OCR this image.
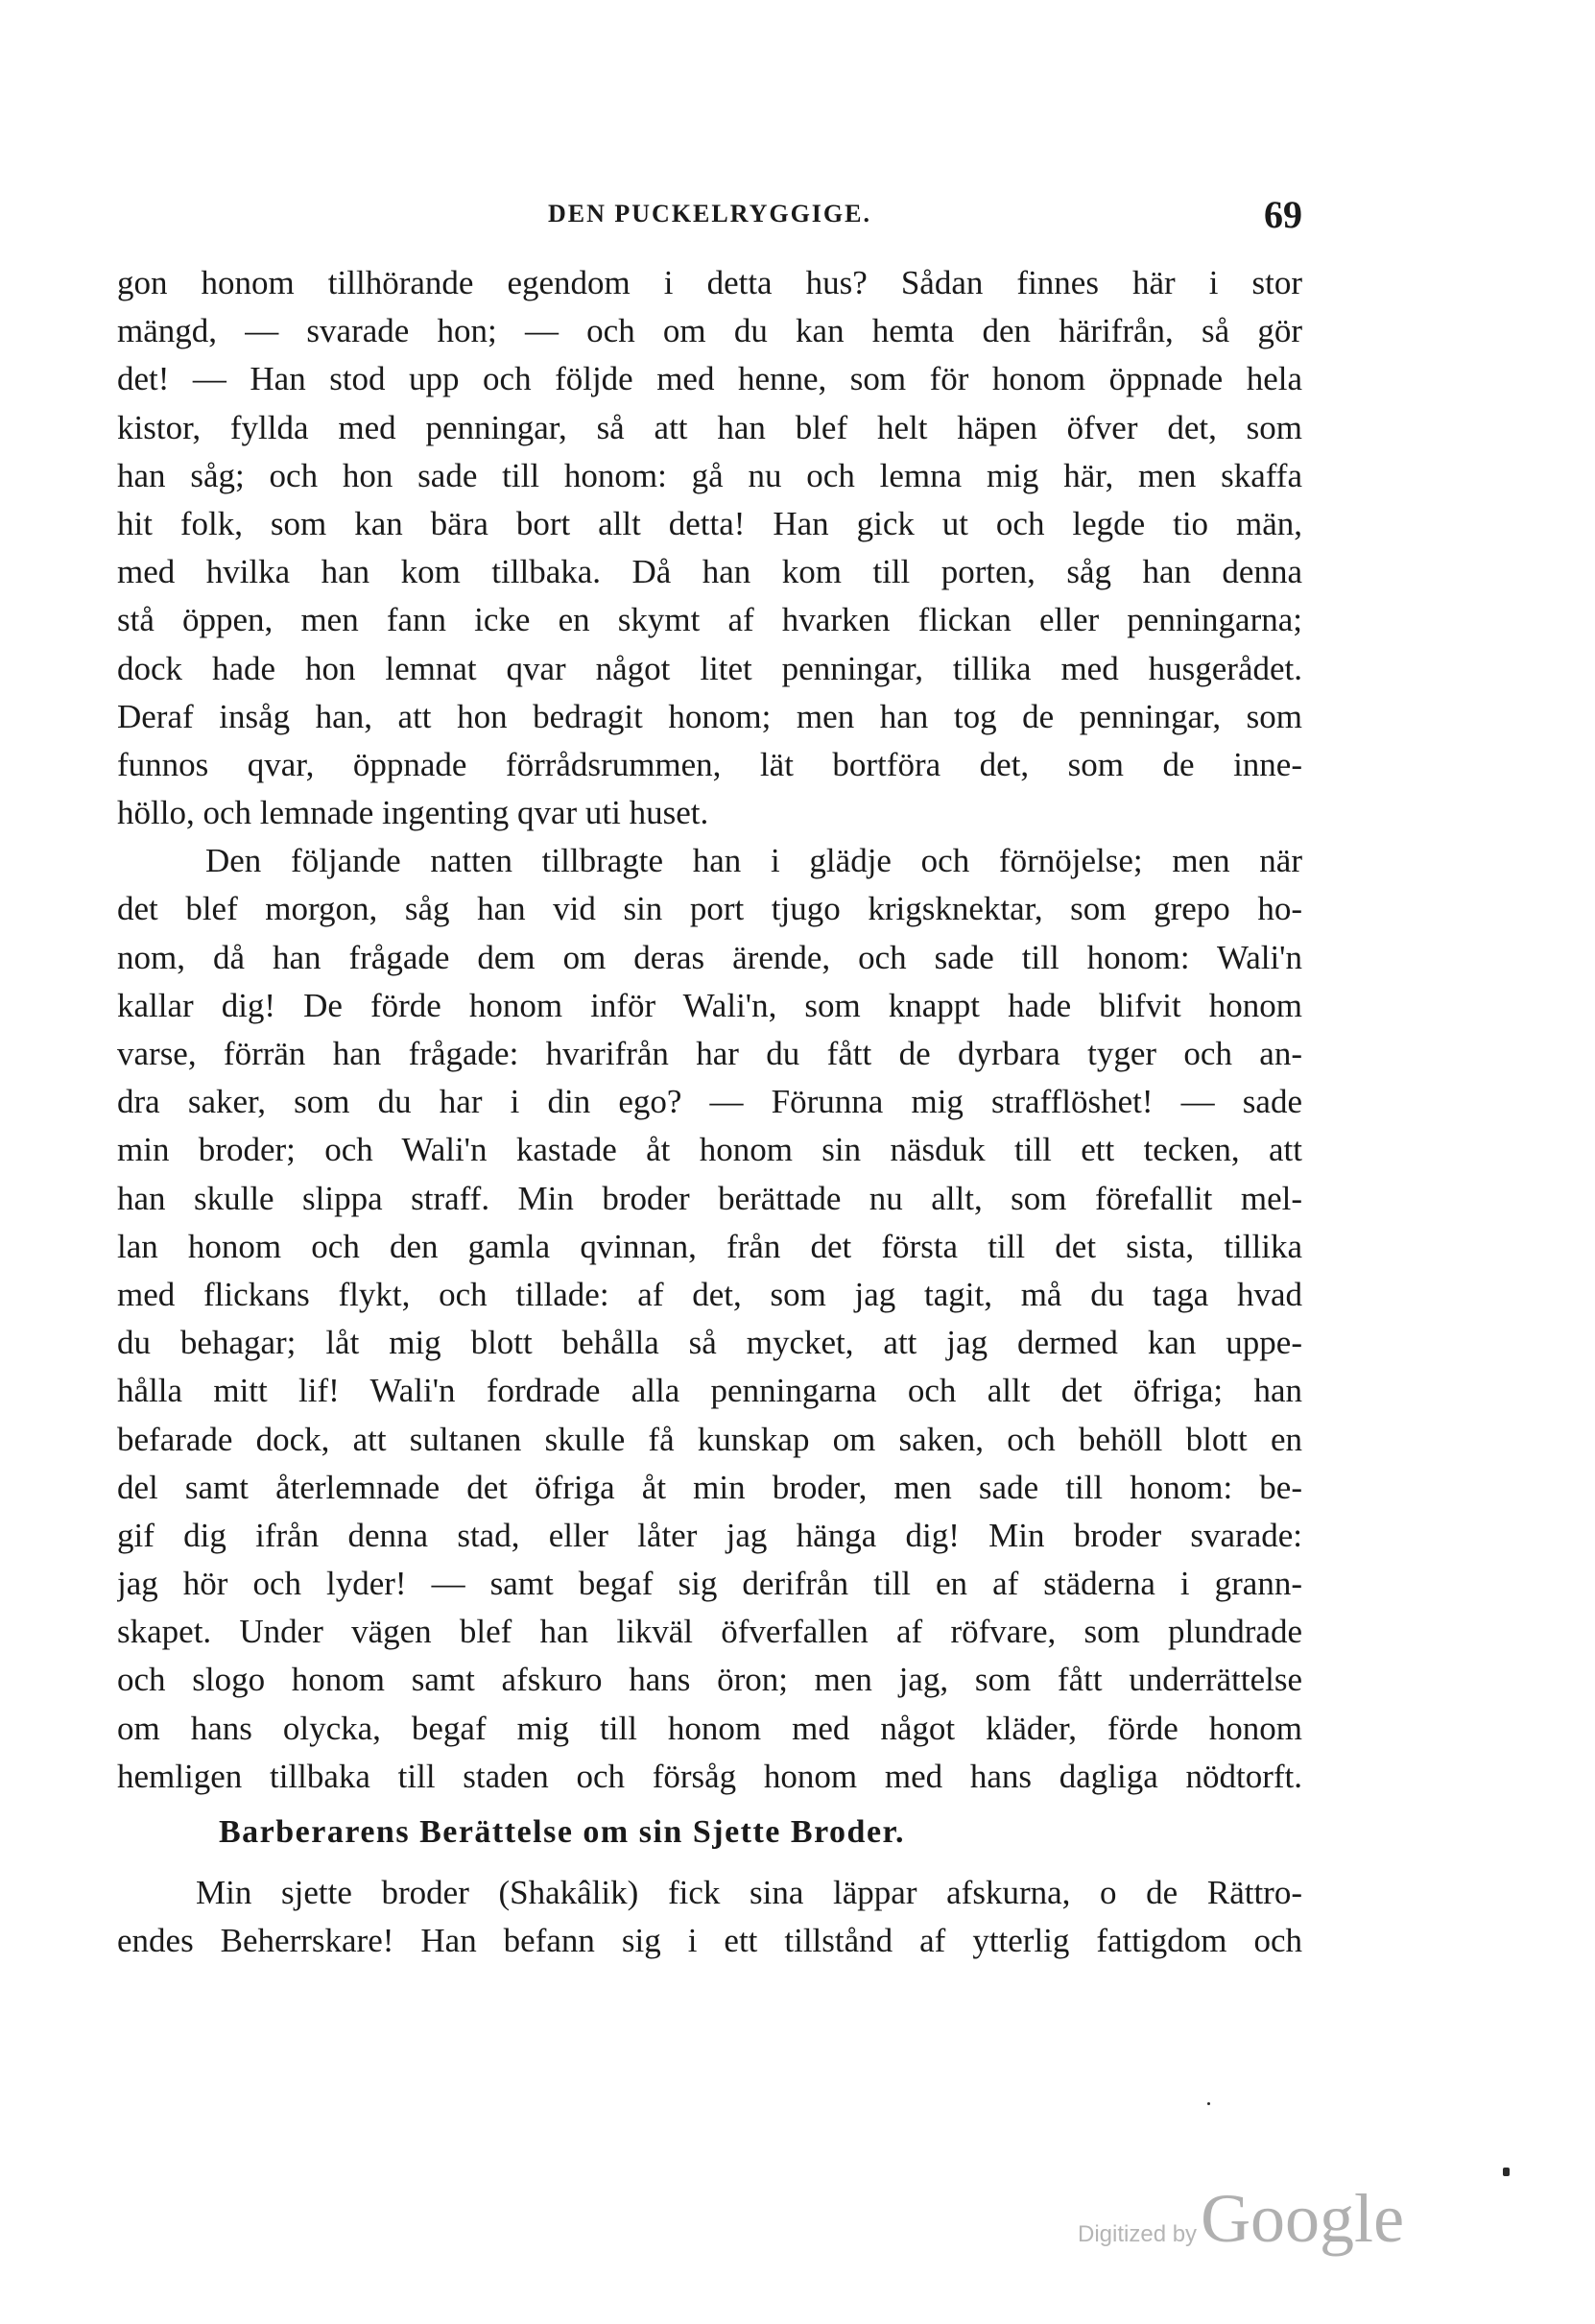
DEN PUCKELRYGGIGE.	69
gon honom tillhörande egendom i detta hus? Sådan finnes här i stor
mängd, — svarade hon; — och om du kan hemta den härifrån, så gör
det! — Han stod upp och följde med henne, som för honom öppnade hela
kistor, fyllda med penningar, så att han blef helt häpen öfver det, som
han såg; och hon sade till honom: gå nu och lemna mig här, men skaffa
hit folk, som kan bära bort allt detta! Han gick ut och legde tio män,
med hvilka han kom tillbaka. Då han kom till porten, såg han denna
stå öppen, men fann icke en skymt af hvarken flickan eller penningarna;
dock hade hon lemnat qvar något litet penningar, tillika med husgerådet.
Deraf insåg han, att hon bedragit honom; men han tog de penningar, som
funnos qvar, öppnade förrådsrummen, lät bortföra det, som de inne-
höllo, och lemnade ingenting qvar uti huset.
Den följande natten tillbragte han i glädje och förnöjelse; men när
det blef morgon, såg han vid sin port tjugo krigsknektar, som grepo ho-
nom, då han frågade dem om deras ärende, och sade till honom: Wali'n
kallar dig! De förde honom inför Wali'n, som knappt hade blifvit honom
varse, förrän han frågade: hvarifrån har du fått de dyrbara tyger och an-
dra saker, som du har i din ego? — Förunna mig strafflöshet! — sade
min broder; och Wali'n kastade åt honom sin näsduk till ett tecken, att
han skulle slippa straff. Min broder berättade nu allt, som förefallit mel-
lan honom och den gamla qvinnan, från det första till det sista, tillika
med flickans flykt, och tillade: af det, som jag tagit, må du taga hvad
du behagar; låt mig blott behålla så mycket, att jag dermed kan uppe-
hålla mitt lif! Wali'n fordrade alla penningarna och allt det öfriga; han
befarade dock, att sultanen skulle få kunskap om saken, och behöll blott en
del samt återlemnade det öfriga åt min broder, men sade till honom: be-
gif dig ifrån denna stad, eller låter jag hänga dig! Min broder svarade:
jag hör och lyder! — samt begaf sig derifrån till en af städerna i grann-
skapet. Under vägen blef han likväl öfverfallen af röfvare, som plundrade
och slogo honom samt afskuro hans öron; men jag, som fått underrättelse
om hans olycka, begaf mig till honom med något kläder, förde honom
hemligen tillbaka till staden och försåg honom med hans dagliga nödtorft.
Barberarens Berättelse om sin Sjette Broder.
Min sjette broder (Shakâlik) fick sina läppar afskurna, o de Rättro-
endes Beherrskare! Han befann sig i ett tillstånd af ytterlig fattigdom och
Digitized by Google
